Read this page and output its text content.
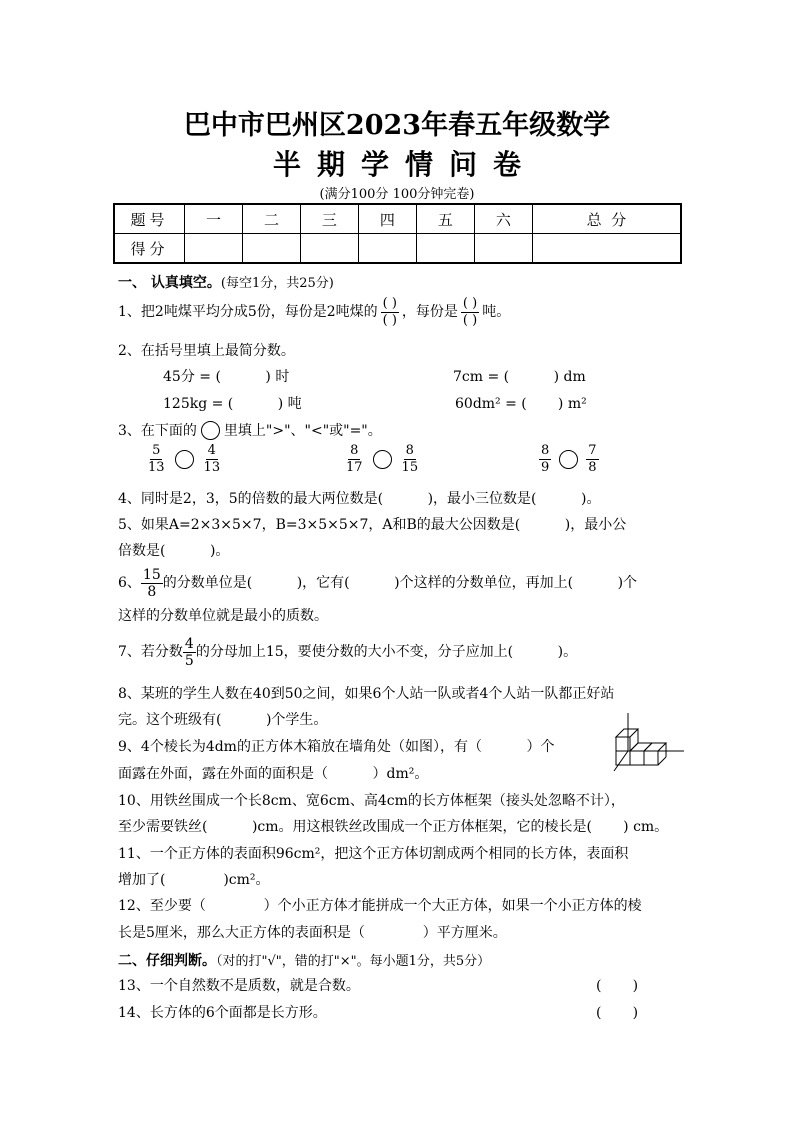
巴中市巴州区2023年春五年级数学
半期学情问卷
(满分100分 100分钟完卷)
题号	一	二	三	四	五	六	总  分
得分							
一、 认真填空。(每空1分，共25分)
1、把2吨煤平均分成5份，每份是2吨煤的 $\frac{( )}{( )}$ ，每份是 $\frac{( )}{( )}$ 吨。
2、在括号里填上最简分数。
45分 = (          ) 时	7cm = (          ) dm
125kg = (          ) 吨	60dm² = (       ) m²
3、在下面的 里填上">"、"<"或"="。
$\frac{5}{13}$	$\frac{4}{13}$	$\frac{8}{17}$	$\frac{8}{15}$	$\frac{8}{9}$	$\frac{7}{8}$
4、同时是2，3，5的倍数的最大两位数是(          )，最小三位数是(          )。
5、如果A=2×3×5×7，B=3×5×5×7，A和B的最大公因数是(          )，最小公
倍数是(          )。
6、 $\frac{15}{8}$ 的分数单位是(          )，它有(          )个这样的分数单位，再加上(          )个
这样的分数单位就是最小的质数。
7、若分数 $\frac{4}{5}$ 的分母加上15，要使分数的大小不变，分子应加上(          )。
8、某班的学生人数在40到50之间，如果6个人站一队或者4个人站一队都正好站
完。这个班级有(          )个学生。
9、4个棱长为4dm的正方体木箱放在墙角处（如图），有（          ）个
面露在外面，露在外面的面积是（          ）dm²。
10、用铁丝围成一个长8cm、宽6cm、高4cm的长方体框架（接头处忽略不计），
至少需要铁丝(          )cm。用这根铁丝改围成一个正方体框架，它的棱长是(       ) cm。
11、一个正方体的表面积96cm²，把这个正方体切割成两个相同的长方体，表面积
增加了(             )cm²。
12、至少要（             ）个小正方体才能拼成一个大正方体，如果一个小正方体的棱
长是5厘米，那么大正方体的表面积是（             ）平方厘米。
二、仔细判断。（对的打"√"，错的打"×"。每小题1分，共5分）
13、一个自然数不是质数，就是合数。	(       )
14、长方体的6个面都是长方形。	(       )
